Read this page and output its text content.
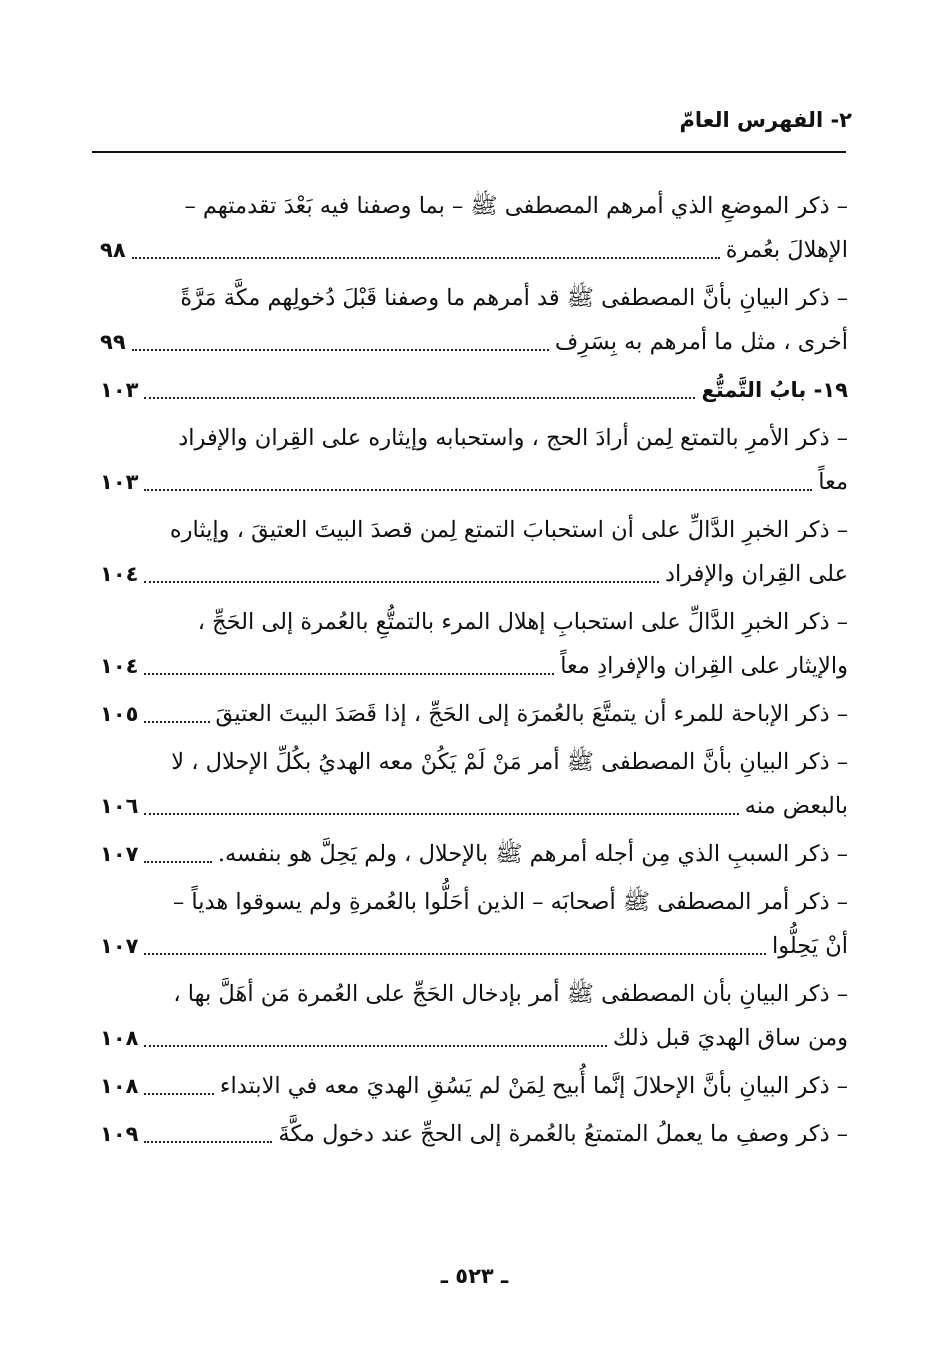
٢- الفهرس العامّ
– ذكر الموضعِ الذي أمرهم المصطفى ﷺ – بما وصفنا فيه بَعْدَ تقدمتهم –
الإهلالَ بعُمرة
٩٨
– ذكر البيانِ بأنَّ المصطفى ﷺ قد أمرهم ما وصفنا قَبْلَ دُخولِهم مكَّة مَرَّةً
أخرى ، مثل ما أمرهم به بِسَرِف
٩٩
١٩- بابُ التَّمتُّع
١٠٣
– ذكر الأمرِ بالتمتع لِمن أرادَ الحج ، واستحبابه وإيثاره على القِران والإفراد
معاً
١٠٣
– ذكر الخبرِ الدَّالِّ على أن استحبابَ التمتع لِمن قصدَ البيتَ العتيقَ ، وإيثاره
على القِران والإفراد
١٠٤
– ذكر الخبرِ الدَّالِّ على استحبابِ إهلال المرء بالتمتُّعِ بالعُمرة إلى الحَجِّ ،
والإيثار على القِران والإفرادِ معاً
١٠٤
– ذكر الإباحة للمرء أن يتمتَّعَ بالعُمرَة إلى الحَجِّ ، إذا قَصَدَ البيتَ العتيقَ
١٠٥
– ذكر البيانِ بأنَّ المصطفى ﷺ أمر مَنْ لَمْ يَكُنْ معه الهديُ بكُلِّ الإحلال ، لا
بالبعض منه
١٠٦
– ذكر السببِ الذي مِن أجله أمرهم ﷺ بالإحلال ، ولم يَحِلَّ هو بنفسه.
١٠٧
– ذكر أمر المصطفى ﷺ أصحابَه – الذين أحَلُّوا بالعُمرةِ ولم يسوقوا هدياً –
أنْ يَحِلُّوا
١٠٧
– ذكر البيانِ بأن المصطفى ﷺ أمر بإدخال الحَجِّ على العُمرة مَن أهَلَّ بها ،
ومن ساق الهديَ قبل ذلك
١٠٨
– ذكر البيانِ بأنَّ الإحلالَ إنَّما أُبيح لِمَنْ لم يَسُقِ الهديَ معه في الابتداء
١٠٨
– ذكر وصفِ ما يعملُ المتمتعُ بالعُمرة إلى الحجِّ عند دخول مكَّةَ
١٠٩
ـ ٥٢٣ ـ
